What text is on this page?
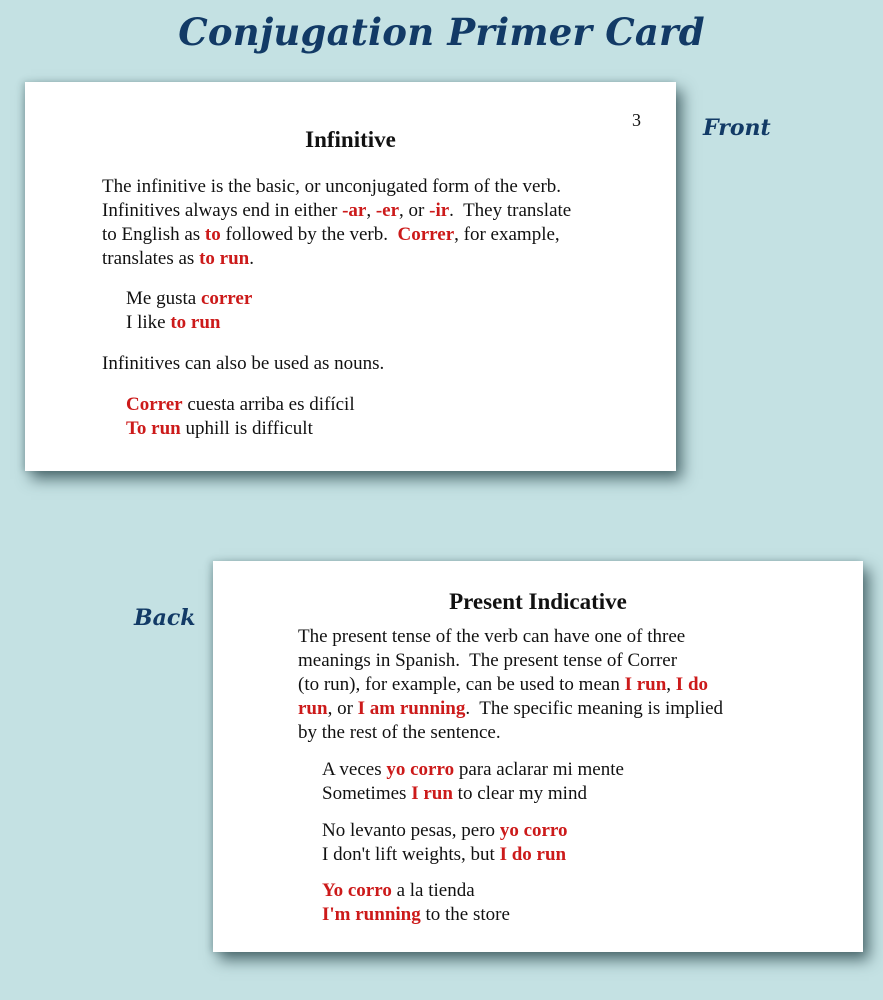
Conjugation Primer Card
Front
Back
3
Infinitive
The infinitive is the basic, or unconjugated form of the verb.
Infinitives always end in either -ar, -er, or -ir.  They translate
to English as to followed by the verb.  Correr, for example,
translates as to run.
Me gusta correr
I like to run
Infinitives can also be used as nouns.
Correr cuesta arriba es difícil
To run uphill is difficult
Present Indicative
The present tense of the verb can have one of three
meanings in Spanish.  The present tense of Correr
(to run), for example, can be used to mean I run, I do
run, or I am running.  The specific meaning is implied
by the rest of the sentence.
A veces yo corro para aclarar mi mente
Sometimes I run to clear my mind
No levanto pesas, pero yo corro
I don't lift weights, but I do run
Yo corro a la tienda
I'm running to the store
